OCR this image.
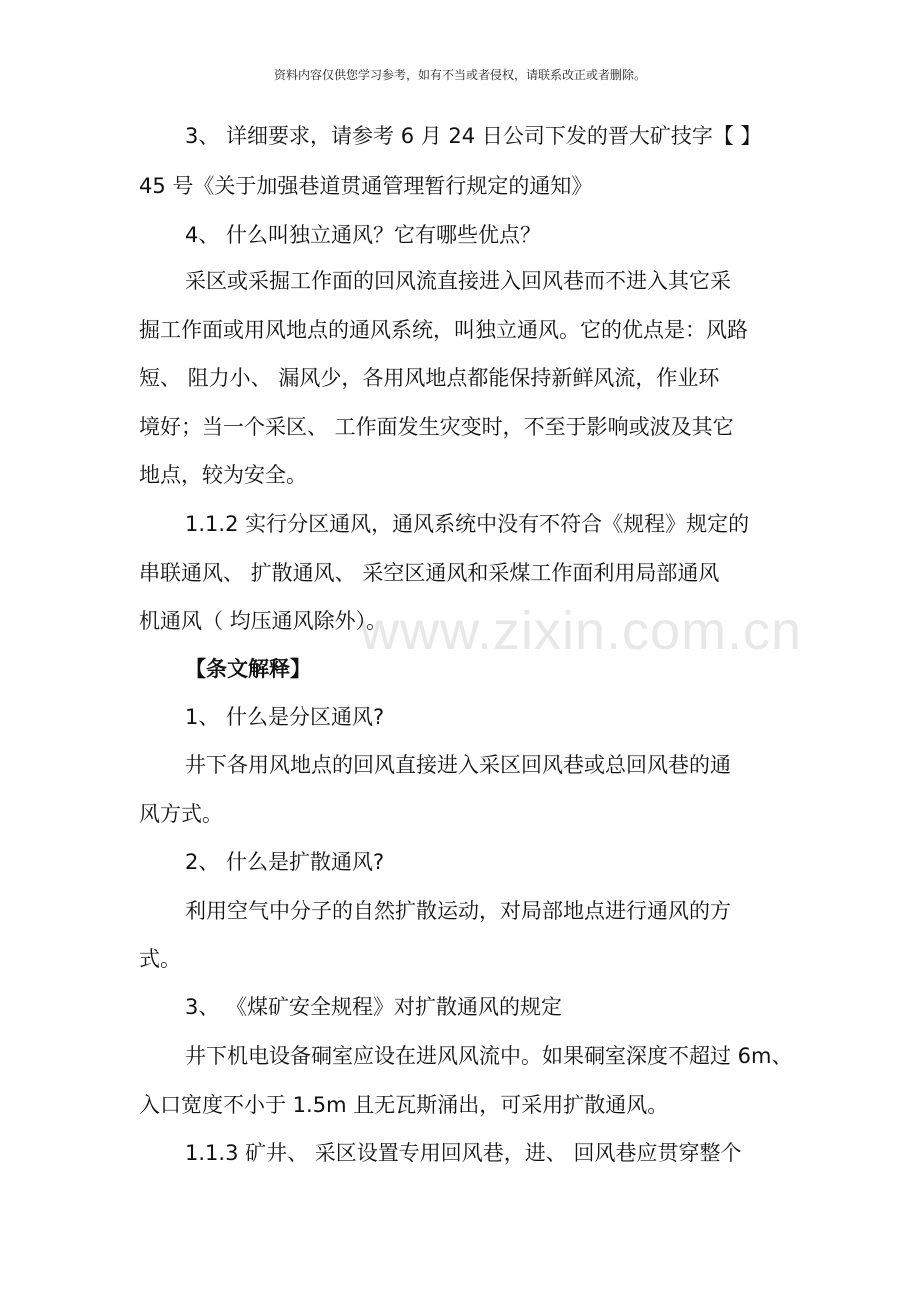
资料内容仅供您学习参考，如有不当或者侵权，请联系改正或者删除。
www.zixin.com.cn
3、 详细要求，请参考 6 月 24 日公司下发的晋大矿技字【 】
45 号《关于加强巷道贯通管理暂行规定的通知》
4、 什么叫独立通风？它有哪些优点？
采区或采掘工作面的回风流直接进入回风巷而不进入其它采
掘工作面或用风地点的通风系统，叫独立通风。它的优点是：风路
短、 阻力小、 漏风少，各用风地点都能保持新鲜风流，作业环
境好；当一个采区、 工作面发生灾变时，不至于影响或波及其它
地点，较为安全。
1.1.2 实行分区通风，通风系统中没有不符合《规程》规定的
串联通风、 扩散通风、 采空区通风和采煤工作面利用局部通风
机通风（ 均压通风除外）。
【条文解释】
1、 什么是分区通风?
井下各用风地点的回风直接进入采区回风巷或总回风巷的通
风方式。
2、 什么是扩散通风?
利用空气中分子的自然扩散运动，对局部地点进行通风的方
式。
3、 《煤矿安全规程》对扩散通风的规定
井下机电设备硐室应设在进风风流中。如果硐室深度不超过 6m、
入口宽度不小于 1.5m 且无瓦斯涌出，可采用扩散通风。
1.1.3 矿井、 采区设置专用回风巷，进、 回风巷应贯穿整个
